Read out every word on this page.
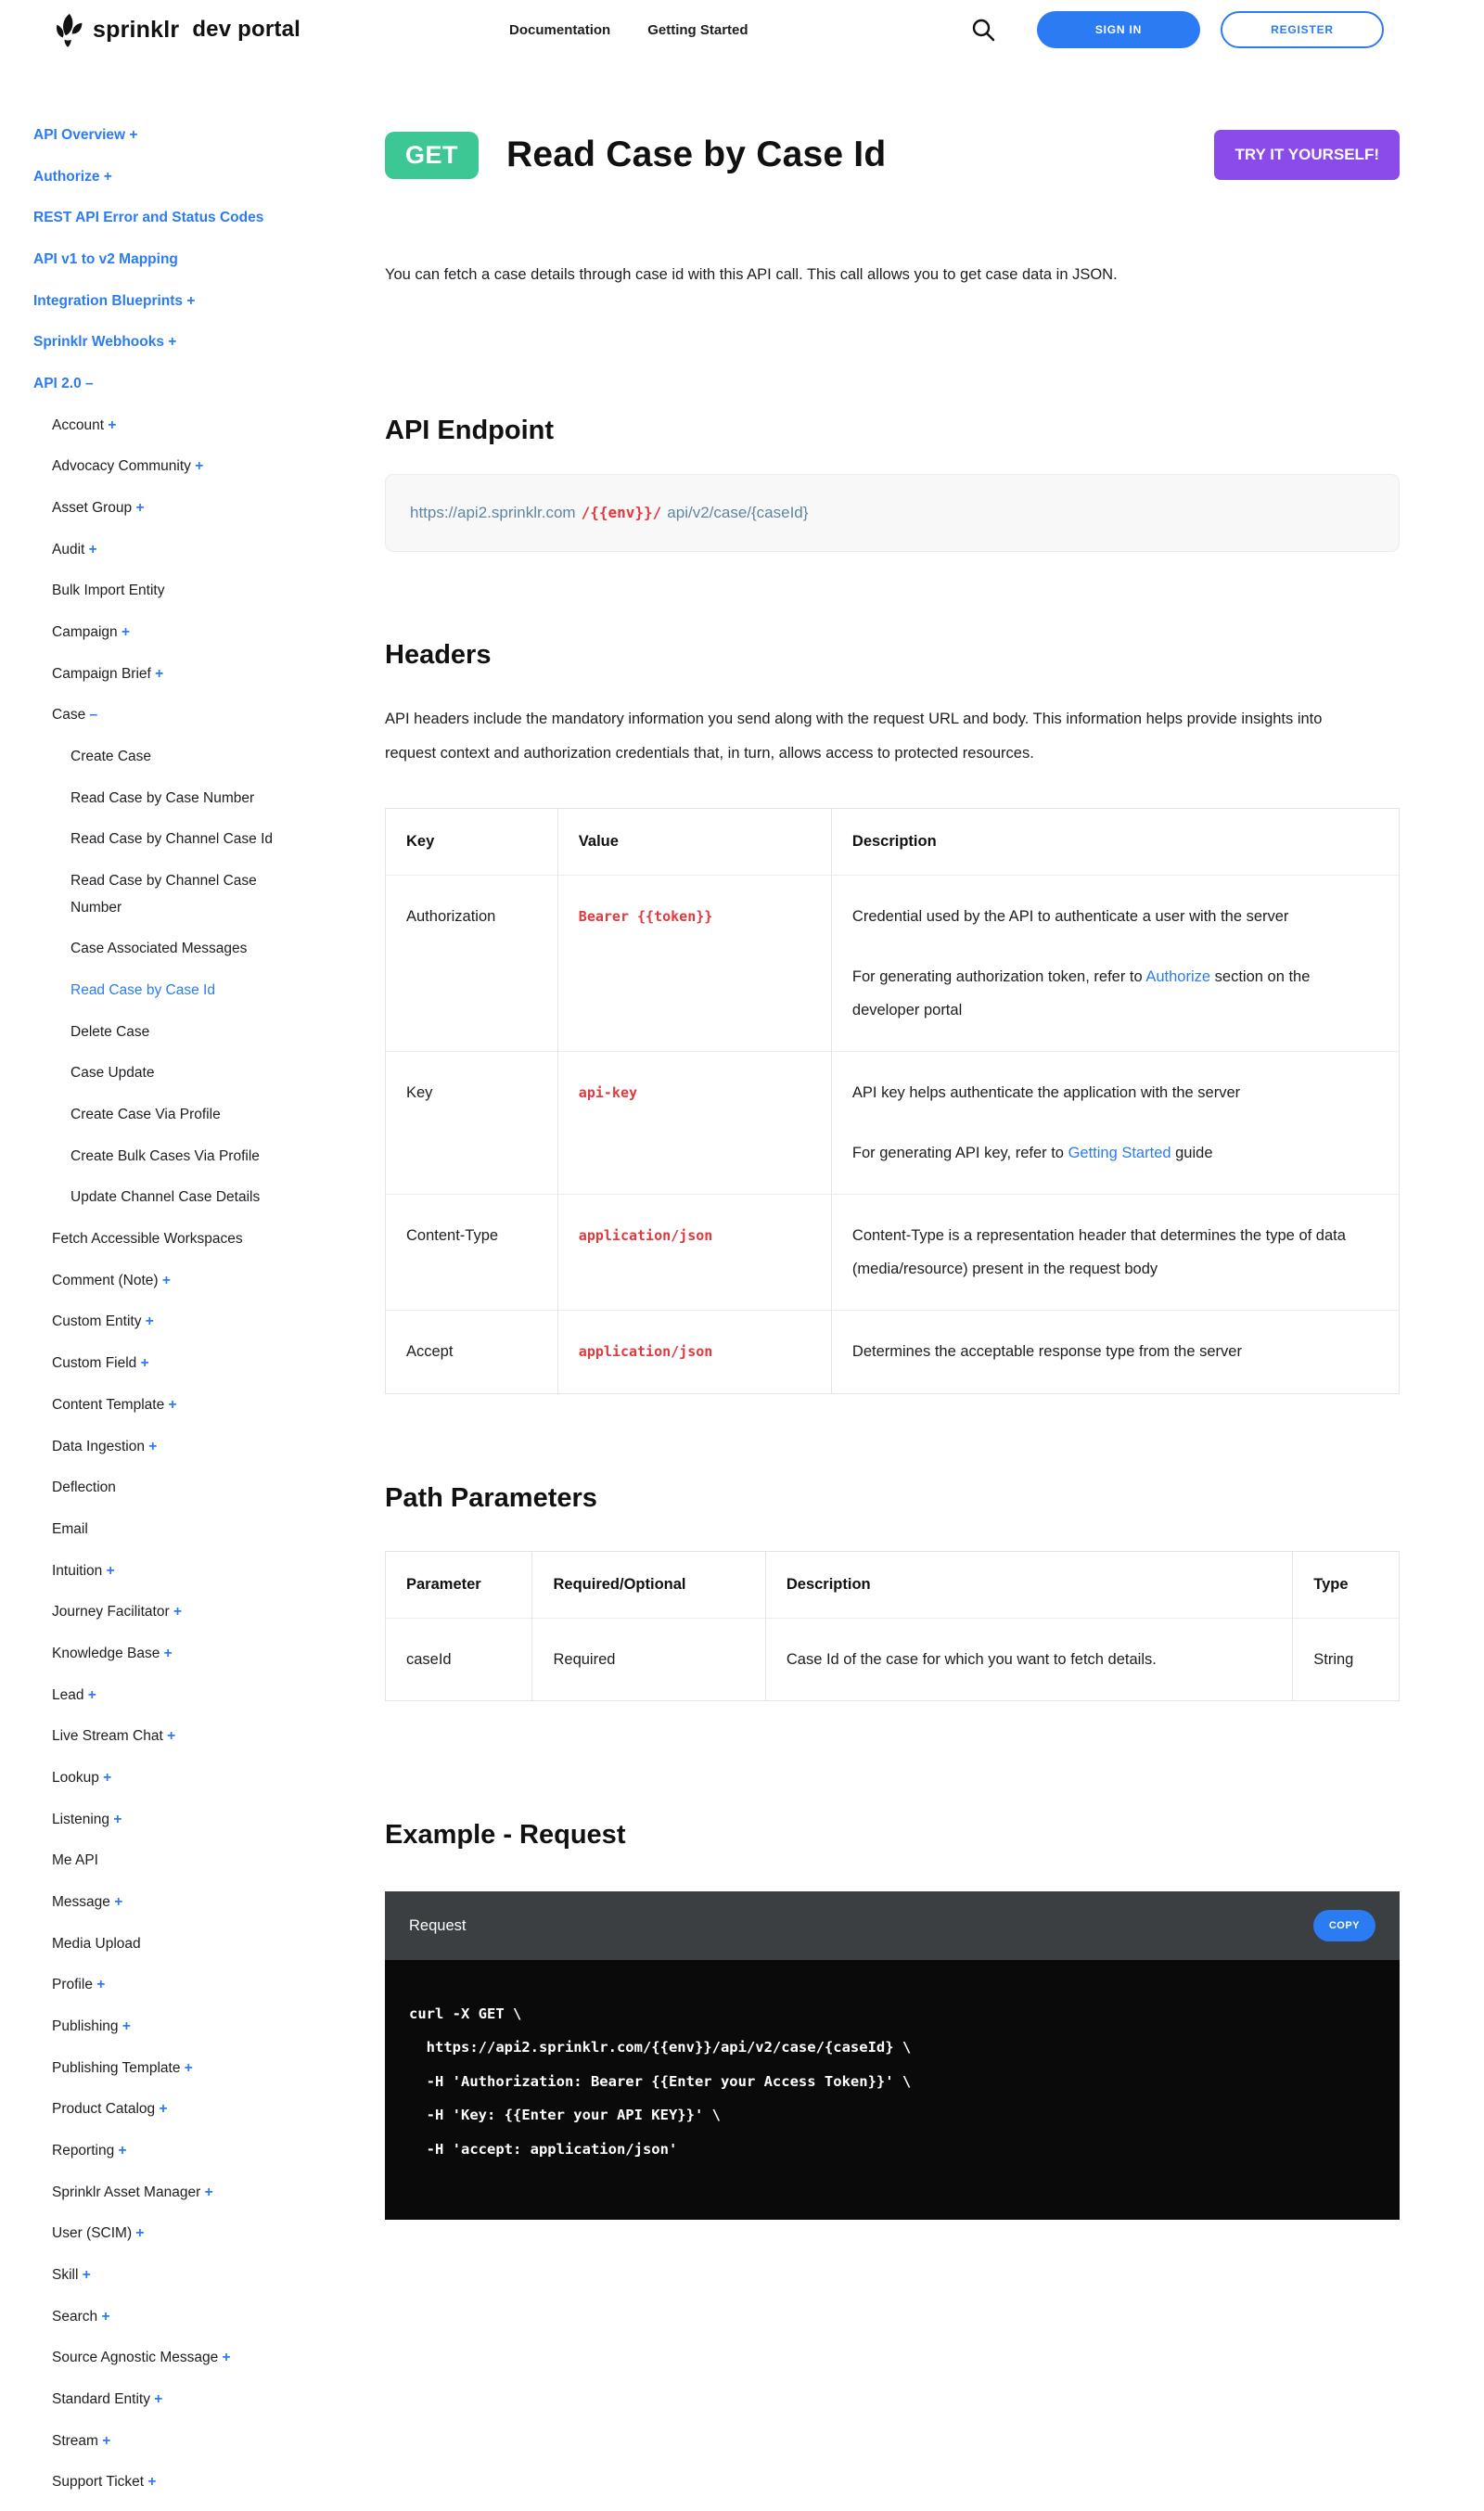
sprinklr dev portal	Documentation	Getting Started	SIGN IN	REGISTER
API Overview +
Authorize +
REST API Error and Status Codes
API v1 to v2 Mapping
Integration Blueprints +
Sprinklr Webhooks +
API 2.0 –
Account +
Advocacy Community +
Asset Group +
Audit +
Bulk Import Entity
Campaign +
Campaign Brief +
Case –
Create Case
Read Case by Case Number
Read Case by Channel Case Id
Read Case by Channel Case Number
Case Associated Messages
Read Case by Case Id
Delete Case
Case Update
Create Case Via Profile
Create Bulk Cases Via Profile
Update Channel Case Details
Fetch Accessible Workspaces
Comment (Note) +
Custom Entity +
Custom Field +
Content Template +
Data Ingestion +
Deflection
Email
Intuition +
Journey Facilitator +
Knowledge Base +
Lead +
Live Stream Chat +
Lookup +
Listening +
Me API
Message +
Media Upload
Profile +
Publishing +
Publishing Template +
Product Catalog +
Reporting +
Sprinklr Asset Manager +
User (SCIM) +
Skill +
Search +
Source Agnostic Message +
Standard Entity +
Stream +
Support Ticket +
GET	Read Case by Case Id	TRY IT YOURSELF!

You can fetch a case details through case id with this API call. This call allows you to get case data in JSON.

API Endpoint
https://api2.sprinklr.com /{{env}}/ api/v2/case/{caseId}
Headers

API headers include the mandatory information you send along with the request URL and body. This information helps provide insights into request context and authorization credentials that, in turn, allows access to protected resources.

Key	Value	Description
Authorization	Bearer {{token}}	Credential used by the API to authenticate a user with the server

For generating authorization token, refer to Authorize section on the developer portal

Key	api-key	API key helps authenticate the application with the server

For generating API key, refer to Getting Started guide

Content-Type	application/json	Content-Type is a representation header that determines the type of data (media/resource) present in the request body

Accept	application/json	Determines the acceptable response type from the server

Path Parameters
Parameter	Required/Optional	Description	Type
caseId	Required	Case Id of the case for which you want to fetch details.	String
Example - Request
Request	COPY
curl -X GET \
https://api2.sprinklr.com/{{env}}/api/v2/case/{caseId} \
-H 'Authorization: Bearer {{Enter your Access Token}}' \
-H 'Key: {{Enter your API KEY}}' \
-H 'accept: application/json'
